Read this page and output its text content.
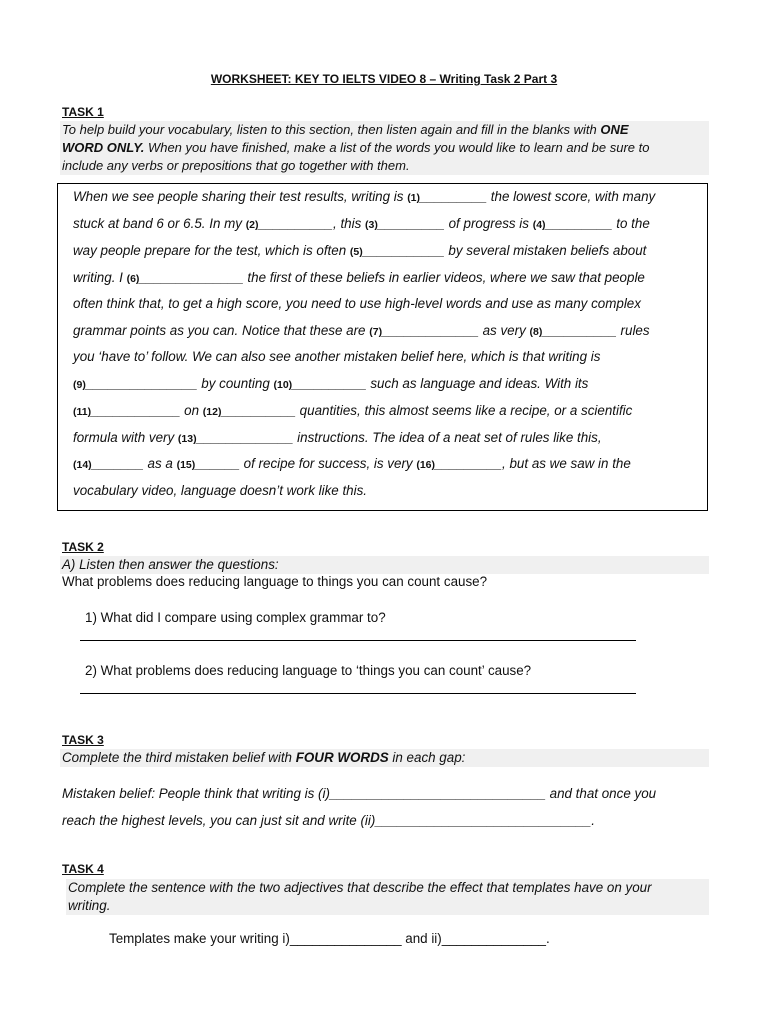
WORKSHEET: KEY TO IELTS VIDEO 8 – Writing Task 2 Part 3
TASK 1
To help build your vocabulary, listen to this section, then listen again and fill in the blanks with ONE
WORD ONLY. When you have finished, make a list of the words you would like to learn and be sure to
include any verbs or prepositions that go together with them.
When we see people sharing their test results, writing is (1)_________ the lowest score, with many
stuck at band 6 or 6.5. In my (2)__________, this (3)_________ of progress is (4)_________ to the
way people prepare for the test, which is often (5)___________ by several mistaken beliefs about
writing. I (6)______________ the first of these beliefs in earlier videos, where we saw that people
often think that, to get a high score, you need to use high-level words and use as many complex
grammar points as you can. Notice that these are (7)_____________ as very (8)__________ rules
you ‘have to’ follow. We can also see another mistaken belief here, which is that writing is
(9)_______________ by counting (10)__________ such as language and ideas. With its
(11)____________ on (12)__________ quantities, this almost seems like a recipe, or a scientific
formula with very (13)_____________ instructions. The idea of a neat set of rules like this,
(14)_______ as a (15)______ of recipe for success, is very (16)_________, but as we saw in the
vocabulary video, language doesn’t work like this.
TASK 2
A) Listen then answer the questions:
What problems does reducing language to things you can count cause?
1) What did I compare using complex grammar to?
2) What problems does reducing language to ‘things you can count’ cause?
TASK 3
Complete the third mistaken belief with FOUR WORDS in each gap:
Mistaken belief: People think that writing is (i)_____________________________ and that once you
reach the highest levels, you can just sit and write (ii)_____________________________.
TASK 4
Complete the sentence with the two adjectives that describe the effect that templates have on your
writing.
Templates make your writing i)_______________ and ii)______________.
